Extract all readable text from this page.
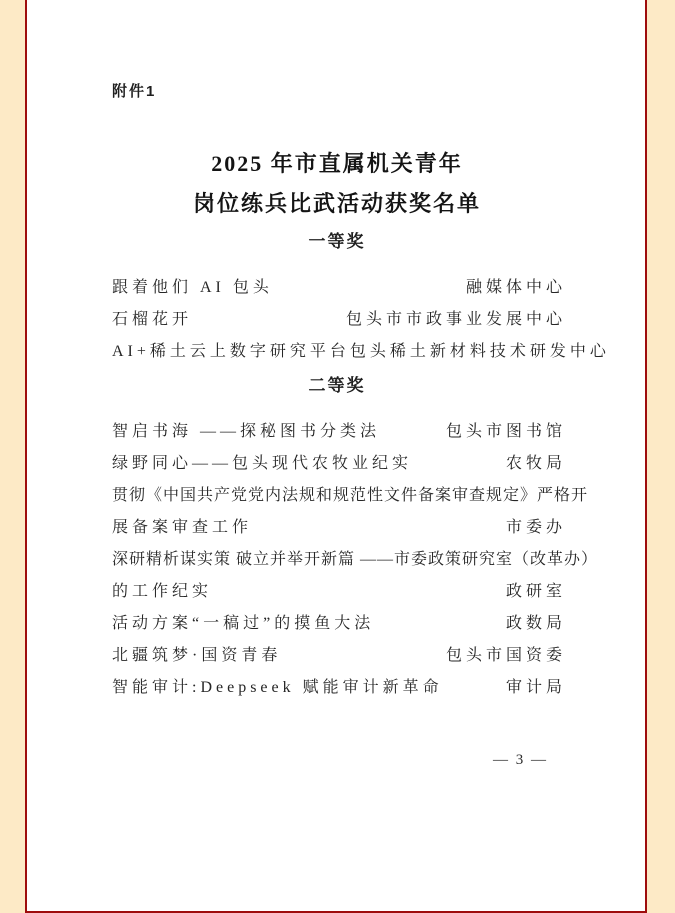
附件1
2025 年市直属机关青年
岗位练兵比武活动获奖名单
一等奖
跟着他们 AI 包头	融媒体中心
石榴花开	包头市市政事业发展中心
AI+稀土云上数字研究平台 包头稀土新材料技术研发中心
二等奖
智启书海 ——探秘图书分类法	包头市图书馆
绿野同心——包头现代农牧业纪实	农牧局
贯彻《中国共产党党内法规和规范性文件备案审查规定》严格开
展备案审查工作	市委办
深研精析谋实策 破立并举开新篇 ——市委政策研究室（改革办）
的工作纪实	政研室
活动方案“一稿过”的摸鱼大法	政数局
北疆筑梦·国资青春	包头市国资委
智能审计:Deepseek 赋能审计新革命	审计局
— 3 —
